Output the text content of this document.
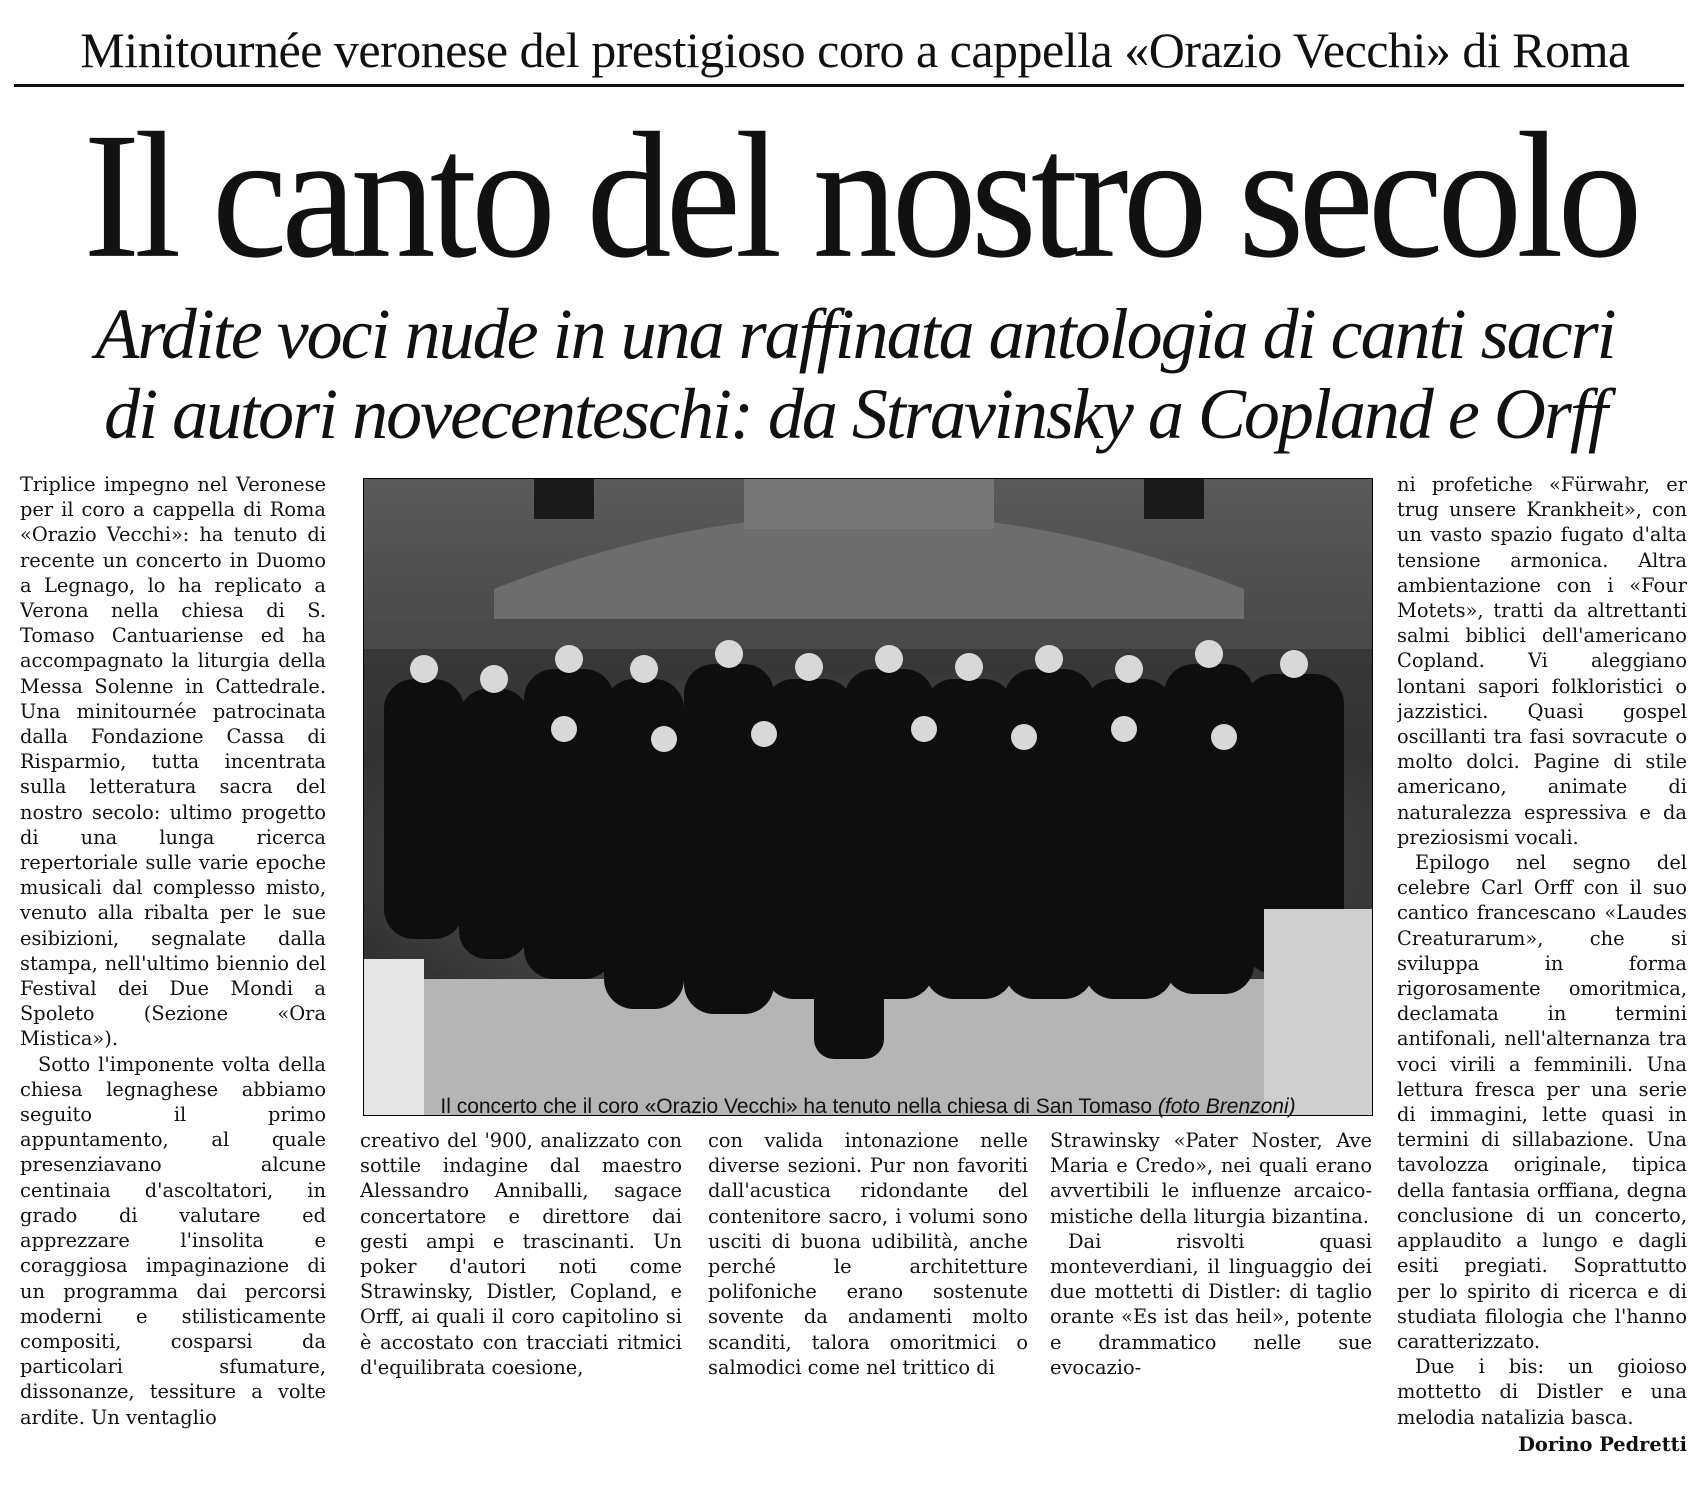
Minitournée veronese del prestigioso coro a cappella «Orazio Vecchi» di Roma
Il canto del nostro secolo
Ardite voci nude in una raffinata antologia di canti sacri
di autori novecenteschi: da Stravinsky a Copland e Orff

Triplice impegno nel Veronese per il coro a cappella di Roma «Orazio Vecchi»: ha tenuto di recente un concerto in Duomo a Legnago, lo ha replicato a Verona nella chiesa di S. Tomaso Cantuariense ed ha accompagnato la liturgia della Messa Solenne in Cattedrale. Una minitournée patrocinata dalla Fondazione Cassa di Risparmio, tutta incentrata sulla letteratura sacra del nostro secolo: ultimo progetto di una lunga ricerca repertoriale sulle varie epoche musicali dal complesso misto, venuto alla ribalta per le sue esibizioni, segnalate dalla stampa, nell'ultimo biennio del Festival dei Due Mondi a Spoleto (Sezione «Ora Mistica»).

Sotto l'imponente volta della chiesa legnaghese abbiamo seguito il primo appuntamento, al quale presenziavano alcune centinaia d'ascoltatori, in grado di valutare ed apprezzare l'insolita e coraggiosa impaginazione di un programma dai percorsi moderni e stilisticamente compositi, cosparsi da particolari sfumature, dissonanze, tessiture a volte ardite. Un ventaglio

Il concerto che il coro «Orazio Vecchi» ha tenuto nella chiesa di San Tomaso (foto Brenzoni)

creativo del '900, analizzato con sottile indagine dal maestro Alessandro Anniballi, sagace concertatore e direttore dai gesti ampi e trascinanti. Un poker d'autori noti come Strawinsky, Distler, Copland, e Orff, ai quali il coro capitolino si è accostato con tracciati ritmici d'equilibrata coesione,

con valida intonazione nelle diverse sezioni. Pur non favoriti dall'acustica ridondante del contenitore sacro, i volumi sono usciti di buona udibilità, anche perché le architetture polifoniche erano sostenute sovente da andamenti molto scanditi, talora omoritmici o salmodici come nel trittico di

Strawinsky «Pater Noster, Ave Maria e Credo», nei quali erano avvertibili le influenze arcaico-mistiche della liturgia bizantina.

Dai risvolti quasi monteverdiani, il linguaggio dei due mottetti di Distler: di taglio orante «Es ist das heil», potente e drammatico nelle sue evocazio-

ni profetiche «Fürwahr, er trug unsere Krankheit», con un vasto spazio fugato d'alta tensione armonica. Altra ambientazione con i «Four Motets», tratti da altrettanti salmi biblici dell'americano Copland. Vi aleggiano lontani sapori folkloristici o jazzistici. Quasi gospel oscillanti tra fasi sovracute o molto dolci. Pagine di stile americano, animate di naturalezza espressiva e da preziosismi vocali.

Epilogo nel segno del celebre Carl Orff con il suo cantico francescano «Laudes Creaturarum», che si sviluppa in forma rigorosamente omoritmica, declamata in termini antifonali, nell'alternanza tra voci virili a femminili. Una lettura fresca per una serie di immagini, lette quasi in termini di sillabazione. Una tavolozza originale, tipica della fantasia orffiana, degna conclusione di un concerto, applaudito a lungo e dagli esiti pregiati. Soprattutto per lo spirito di ricerca e di studiata filologia che l'hanno caratterizzato.

Due i bis: un gioioso mottetto di Distler e una melodia natalizia basca.

Dorino Pedretti
